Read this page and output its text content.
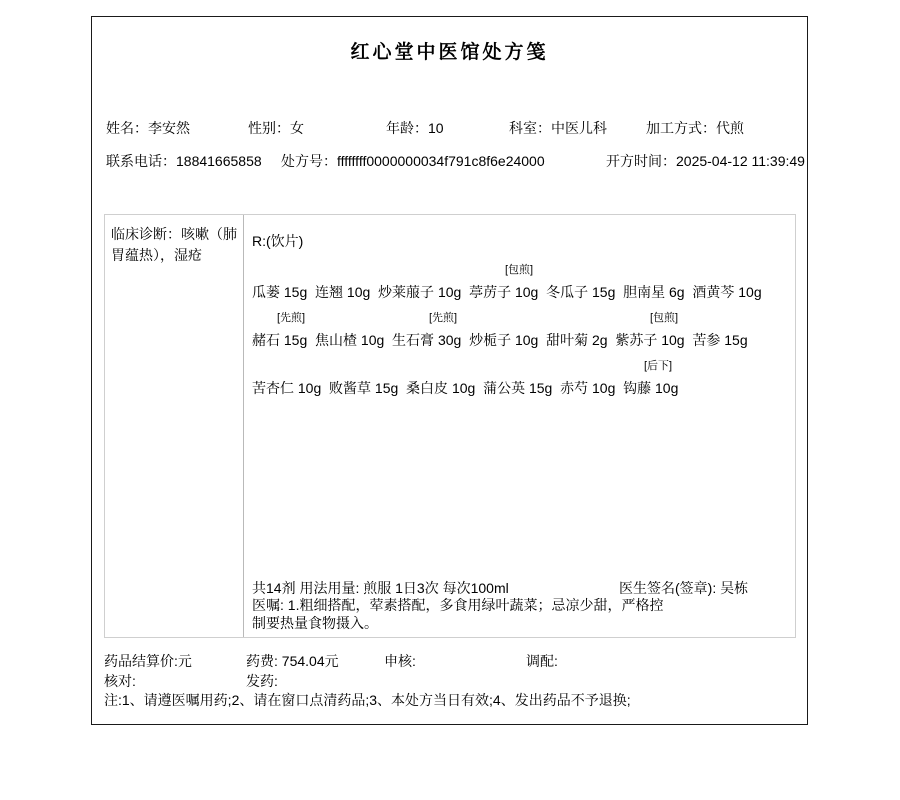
红心堂中医馆处方笺
姓名：李安然	性别：女	年龄：10	科室：中医儿科	加工方式：代煎
联系电话：18841665858 处方号：ffffffff0000000034f791c8f6e24000	开方时间：2025-04-12 11:39:49
临床诊断：咳嗽（肺胃蕴热），湿疮
R:(饮片)
[包煎]
瓜蒌 15g  连翘 10g  炒莱菔子 10g  葶苈子 10g  冬瓜子 15g  胆南星 6g  酒黄芩 10g
[先煎]	[先煎]	[包煎]
赭石 15g  焦山楂 10g  生石膏 30g  炒栀子 10g  甜叶菊 2g  紫苏子 10g  苦参 15g
[后下]
苦杏仁 10g  败酱草 15g  桑白皮 10g  蒲公英 15g  赤芍 10g  钩藤 10g
共14剂 用法用量: 煎服 1日3次 每次100ml	医生签名(签章): 吴栋
医嘱: 1.粗细搭配，荤素搭配，多食用绿叶蔬菜；忌凉少甜，严格控制要热量食物摄入。
药品结算价:元	药费: 754.04元	申核:	调配:
核对:	发药:
注:1、请遵医嘱用药;2、请在窗口点清药品;3、本处方当日有效;4、发出药品不予退换;
